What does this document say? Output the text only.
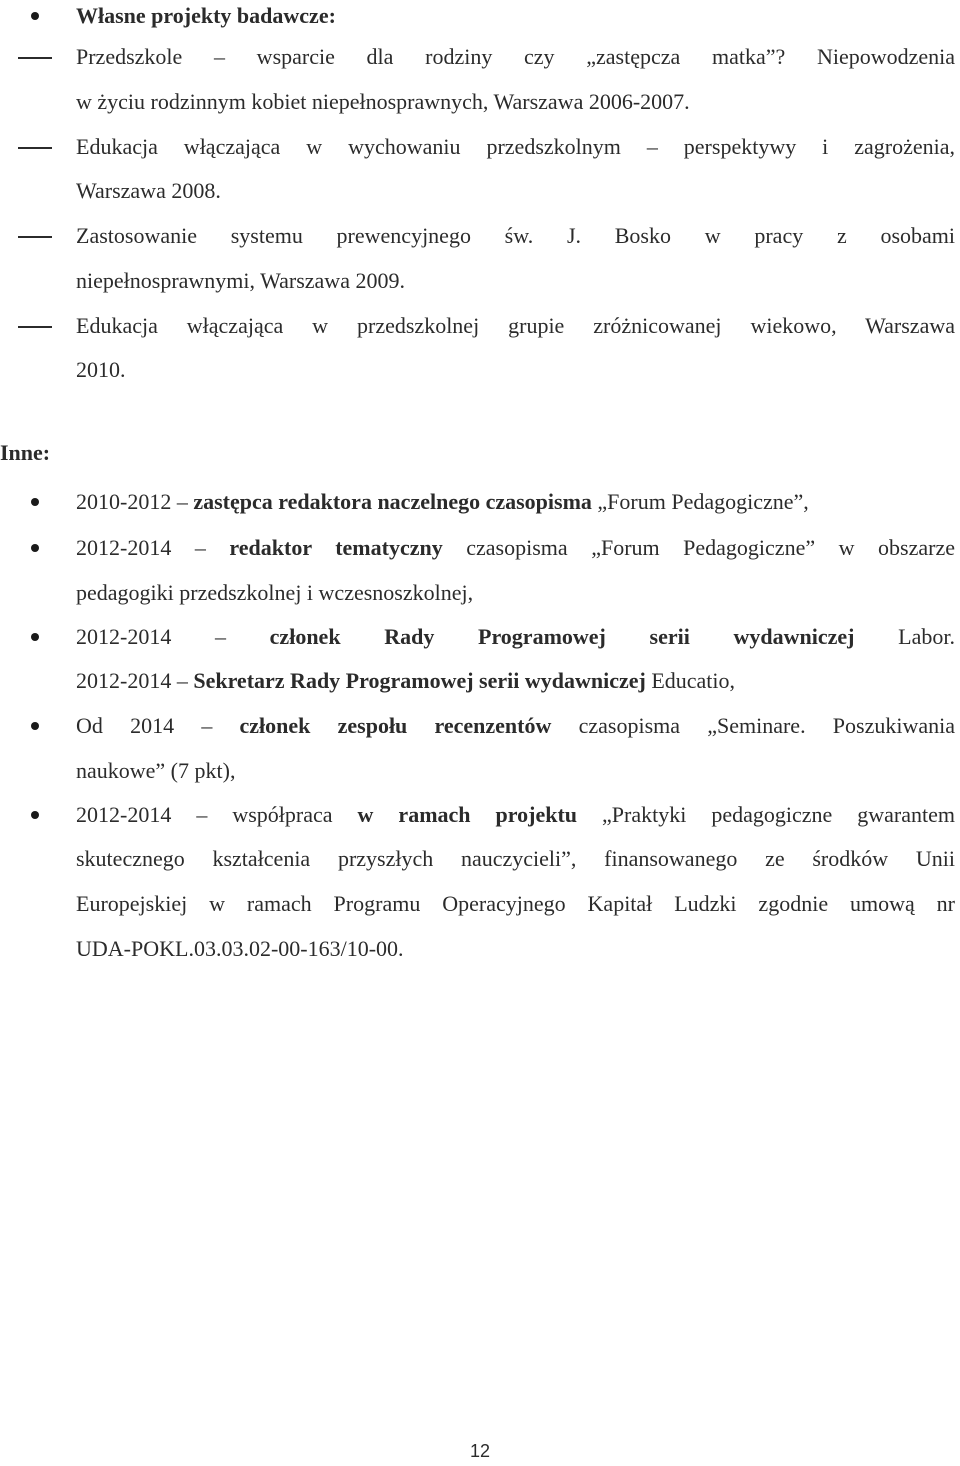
Własne projekty badawcze:
Przedszkole – wsparcie dla rodziny czy „zastępcza matka”? Niepowodzenia
w życiu rodzinnym kobiet niepełnosprawnych, Warszawa 2006-2007.
Edukacja włączająca w wychowaniu przedszkolnym – perspektywy i zagrożenia,
Warszawa 2008.
Zastosowanie systemu prewencyjnego św. J. Bosko w pracy z osobami
niepełnosprawnymi, Warszawa 2009.
Edukacja włączająca w przedszkolnej grupie zróżnicowanej wiekowo, Warszawa
2010.
Inne:
2010-2012 – zastępca redaktora naczelnego czasopisma „Forum Pedagogiczne”,
2012-2014 – redaktor tematyczny czasopisma „Forum Pedagogiczne” w obszarze
pedagogiki przedszkolnej i wczesnoszkolnej,
2012-2014 – członek Rady Programowej serii wydawniczej Labor.
2012-2014 – Sekretarz Rady Programowej serii wydawniczej Educatio,
Od 2014 – członek zespołu recenzentów czasopisma „Seminare. Poszukiwania
naukowe” (7 pkt),
2012-2014 – współpraca w ramach projektu „Praktyki pedagogiczne gwarantem
skutecznego kształcenia przyszłych nauczycieli”, finansowanego ze środków Unii
Europejskiej w ramach Programu Operacyjnego Kapitał Ludzki zgodnie umową nr
UDA-POKL.03.03.02-00-163/10-00.
12
